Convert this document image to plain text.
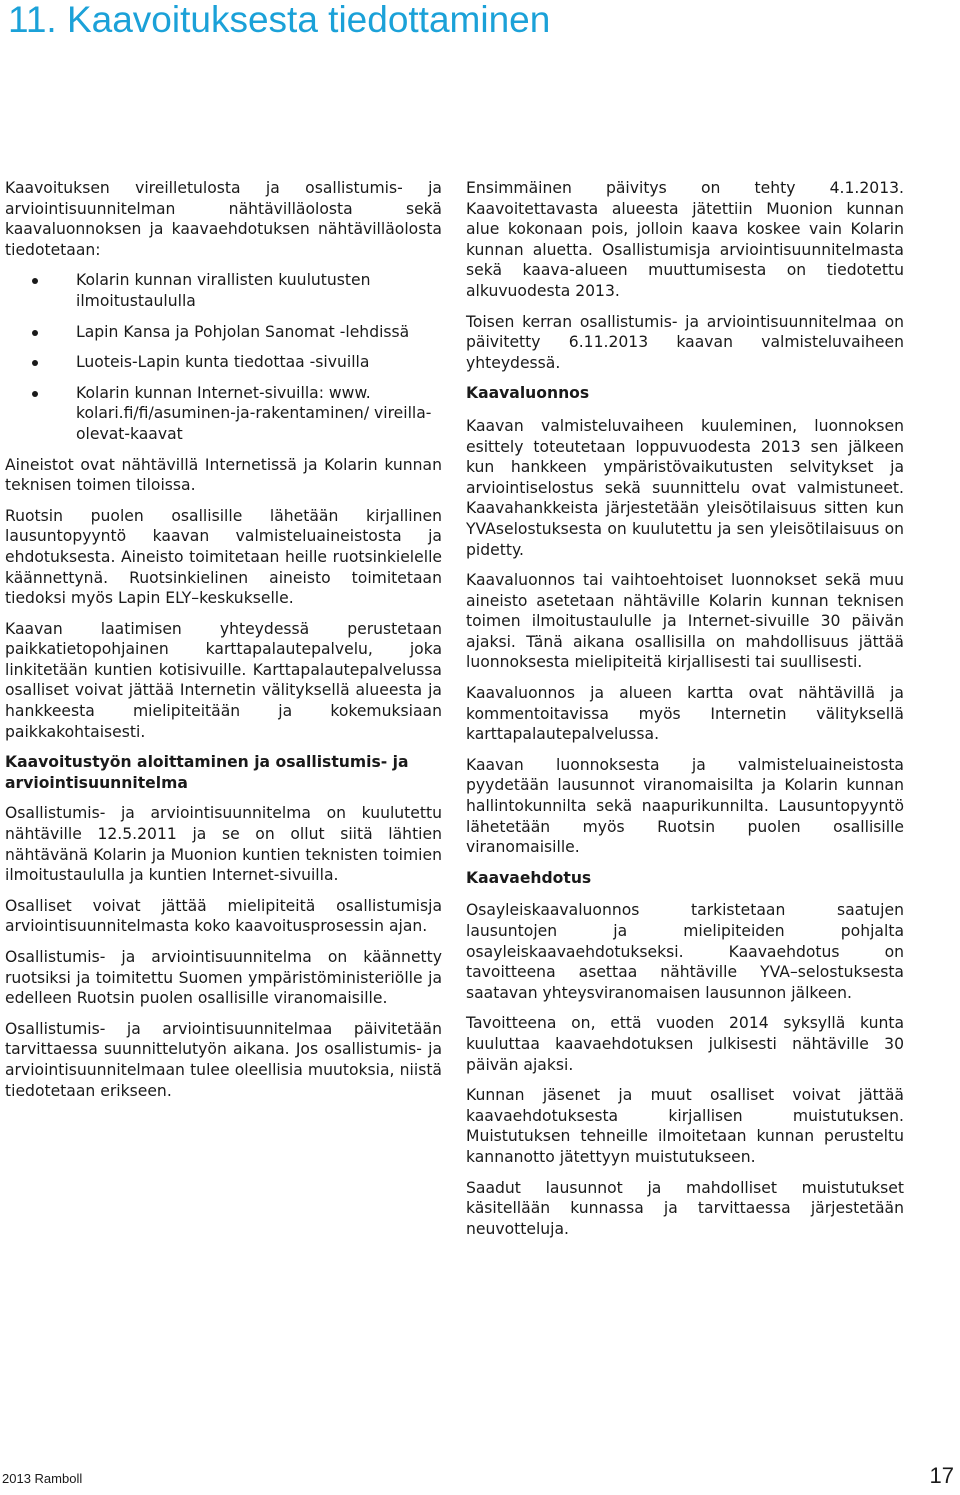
11. Kaavoituksesta tiedottaminen

Kaavoituksen vireilletulosta ja osallistumis- ja arviointisuunnitelman nähtävilläolosta sekä kaavaluonnoksen ja kaavaehdotuksen nähtävilläolosta tiedotetaan:

Kolarin kunnan virallisten kuulutusten ilmoitustaululla
Lapin Kansa ja Pohjolan Sanomat -lehdissä
Luoteis-Lapin kunta tiedottaa -sivuilla
Kolarin kunnan Internet-sivuilla: www. kolari.fi/fi/asuminen-ja-rakentaminen/ vireilla-olevat-kaavat

Aineistot ovat nähtävillä Internetissä ja Kolarin kunnan teknisen toimen tiloissa.

Ruotsin puolen osallisille lähetään kirjallinen lausuntopyyntö kaavan valmisteluaineistosta ja ehdotuksesta. Aineisto toimitetaan heille ruotsinkielelle käännettynä. Ruotsinkielinen aineisto toimitetaan tiedoksi myös Lapin ELY–keskukselle.

Kaavan laatimisen yhteydessä perustetaan paikkatietopohjainen karttapalautepalvelu, joka linkitetään kuntien kotisivuille. Karttapalautepalvelussa osalliset voivat jättää Internetin välityksellä alueesta ja hankkeesta mielipiteitään ja kokemuksiaan paikkakohtaisesti.

Kaavoitustyön aloittaminen ja osallistumis- ja arviointisuunnitelma

Osallistumis- ja arviointisuunnitelma on kuulutettu nähtäville 12.5.2011 ja se on ollut siitä lähtien nähtävänä Kolarin ja Muonion kuntien teknisten toimien ilmoitustaululla ja kuntien Internet-sivuilla.

Osalliset voivat jättää mielipiteitä osallistumisja arviointisuunnitelmasta koko kaavoitusprosessin ajan.

Osallistumis- ja arviointisuunnitelma on käännetty ruotsiksi ja toimitettu Suomen ympäristöministeriölle ja edelleen Ruotsin puolen osallisille viranomaisille.

Osallistumis- ja arviointisuunnitelmaa päivitetään tarvittaessa suunnittelutyön aikana. Jos osallistumis- ja arviointisuunnitelmaan tulee oleellisia muutoksia, niistä tiedotetaan erikseen.

Ensimmäinen päivitys on tehty 4.1.2013. Kaavoitettavasta alueesta jätettiin Muonion kunnan alue kokonaan pois, jolloin kaava koskee vain Kolarin kunnan aluetta. Osallistumisja arviointisuunnitelmasta sekä kaava-alueen muuttumisesta on tiedotettu alkuvuodesta 2013.

Toisen kerran osallistumis- ja arviointisuunnitelmaa on päivitetty 6.11.2013 kaavan valmisteluvaiheen yhteydessä.

Kaavaluonnos

Kaavan valmisteluvaiheen kuuleminen, luonnoksen esittely toteutetaan loppuvuodesta 2013 sen jälkeen kun hankkeen ympäristövaikutusten selvitykset ja arviointiselostus sekä suunnittelu ovat valmistuneet. Kaavahankkeista järjestetään yleisötilaisuus sitten kun YVAselostuksesta on kuulutettu ja sen yleisötilaisuus on pidetty.

Kaavaluonnos tai vaihtoehtoiset luonnokset sekä muu aineisto asetetaan nähtäville Kolarin kunnan teknisen toimen ilmoitustaululle ja Internet-sivuille 30 päivän ajaksi. Tänä aikana osallisilla on mahdollisuus jättää luonnoksesta mielipiteitä kirjallisesti tai suullisesti.

Kaavaluonnos ja alueen kartta ovat nähtävillä ja kommentoitavissa myös Internetin välityksellä karttapalautepalvelussa.

Kaavan luonnoksesta ja valmisteluaineistosta pyydetään lausunnot viranomaisilta ja Kolarin kunnan hallintokunnilta sekä naapurikunnilta. Lausuntopyyntö lähetetään myös Ruotsin puolen osallisille viranomaisille.

Kaavaehdotus

Osayleiskaavaluonnos tarkistetaan saatujen lausuntojen ja mielipiteiden pohjalta osayleiskaavaehdotukseksi. Kaavaehdotus on tavoitteena asettaa nähtäville YVA–selostuksesta saatavan yhteysviranomaisen lausunnon jälkeen.

Tavoitteena on, että vuoden 2014 syksyllä kunta kuuluttaa kaavaehdotuksen julkisesti nähtäville 30 päivän ajaksi.

Kunnan jäsenet ja muut osalliset voivat jättää kaavaehdotuksesta kirjallisen muistutuksen. Muistutuksen tehneille ilmoitetaan kunnan perusteltu kannanotto jätettyyn muistutukseen.

Saadut lausunnot ja mahdolliset muistutukset käsitellään kunnassa ja tarvittaessa järjestetään neuvotteluja.

2013 Ramboll	17
